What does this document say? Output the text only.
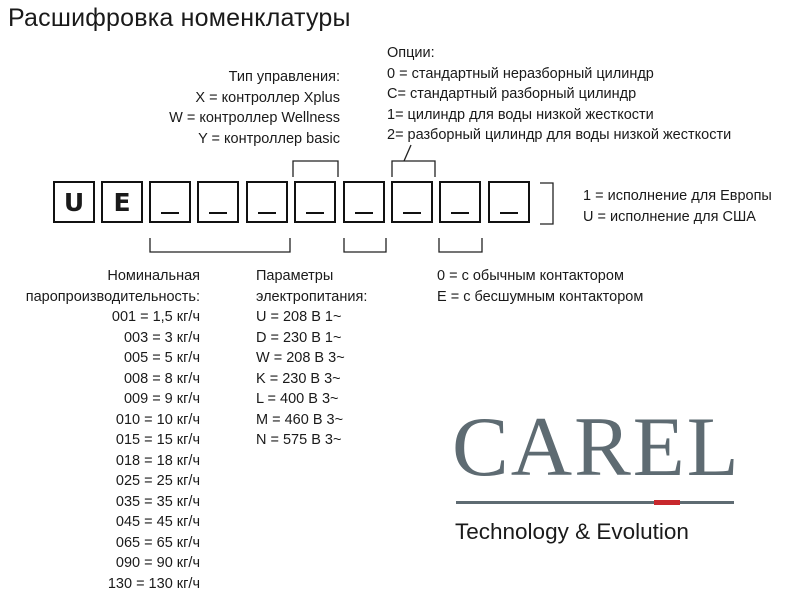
Расшифровка номенклатуры
U E
Тип управления:
X = контроллер Xplus
W = контроллер Wellness
Y = контроллер basic
Опции:
0 = стандартный неразборный цилиндр
C= стандартный разборный цилиндр
1= цилиндр для воды низкой жесткости
2= разборный цилиндр для воды низкой жесткости
1 = исполнение для Европы
U = исполнение для США
Номинальная
паропроизводительность:
001 = 1,5 кг/ч
003 = 3 кг/ч
005 = 5 кг/ч
008 = 8 кг/ч
009 = 9 кг/ч
010 = 10 кг/ч
015 = 15 кг/ч
018 = 18 кг/ч
025 = 25 кг/ч
035 = 35 кг/ч
045 = 45 кг/ч
065 = 65 кг/ч
090 = 90 кг/ч
130 = 130 кг/ч
Параметры
электропитания:
U = 208 В 1~
D = 230 В 1~
W = 208 В 3~
K = 230 В 3~
L = 400 В 3~
M = 460 В 3~
N = 575 В 3~
0 = с обычным контактором
E = с бесшумным контактором
CAREL
Technology & Evolution
